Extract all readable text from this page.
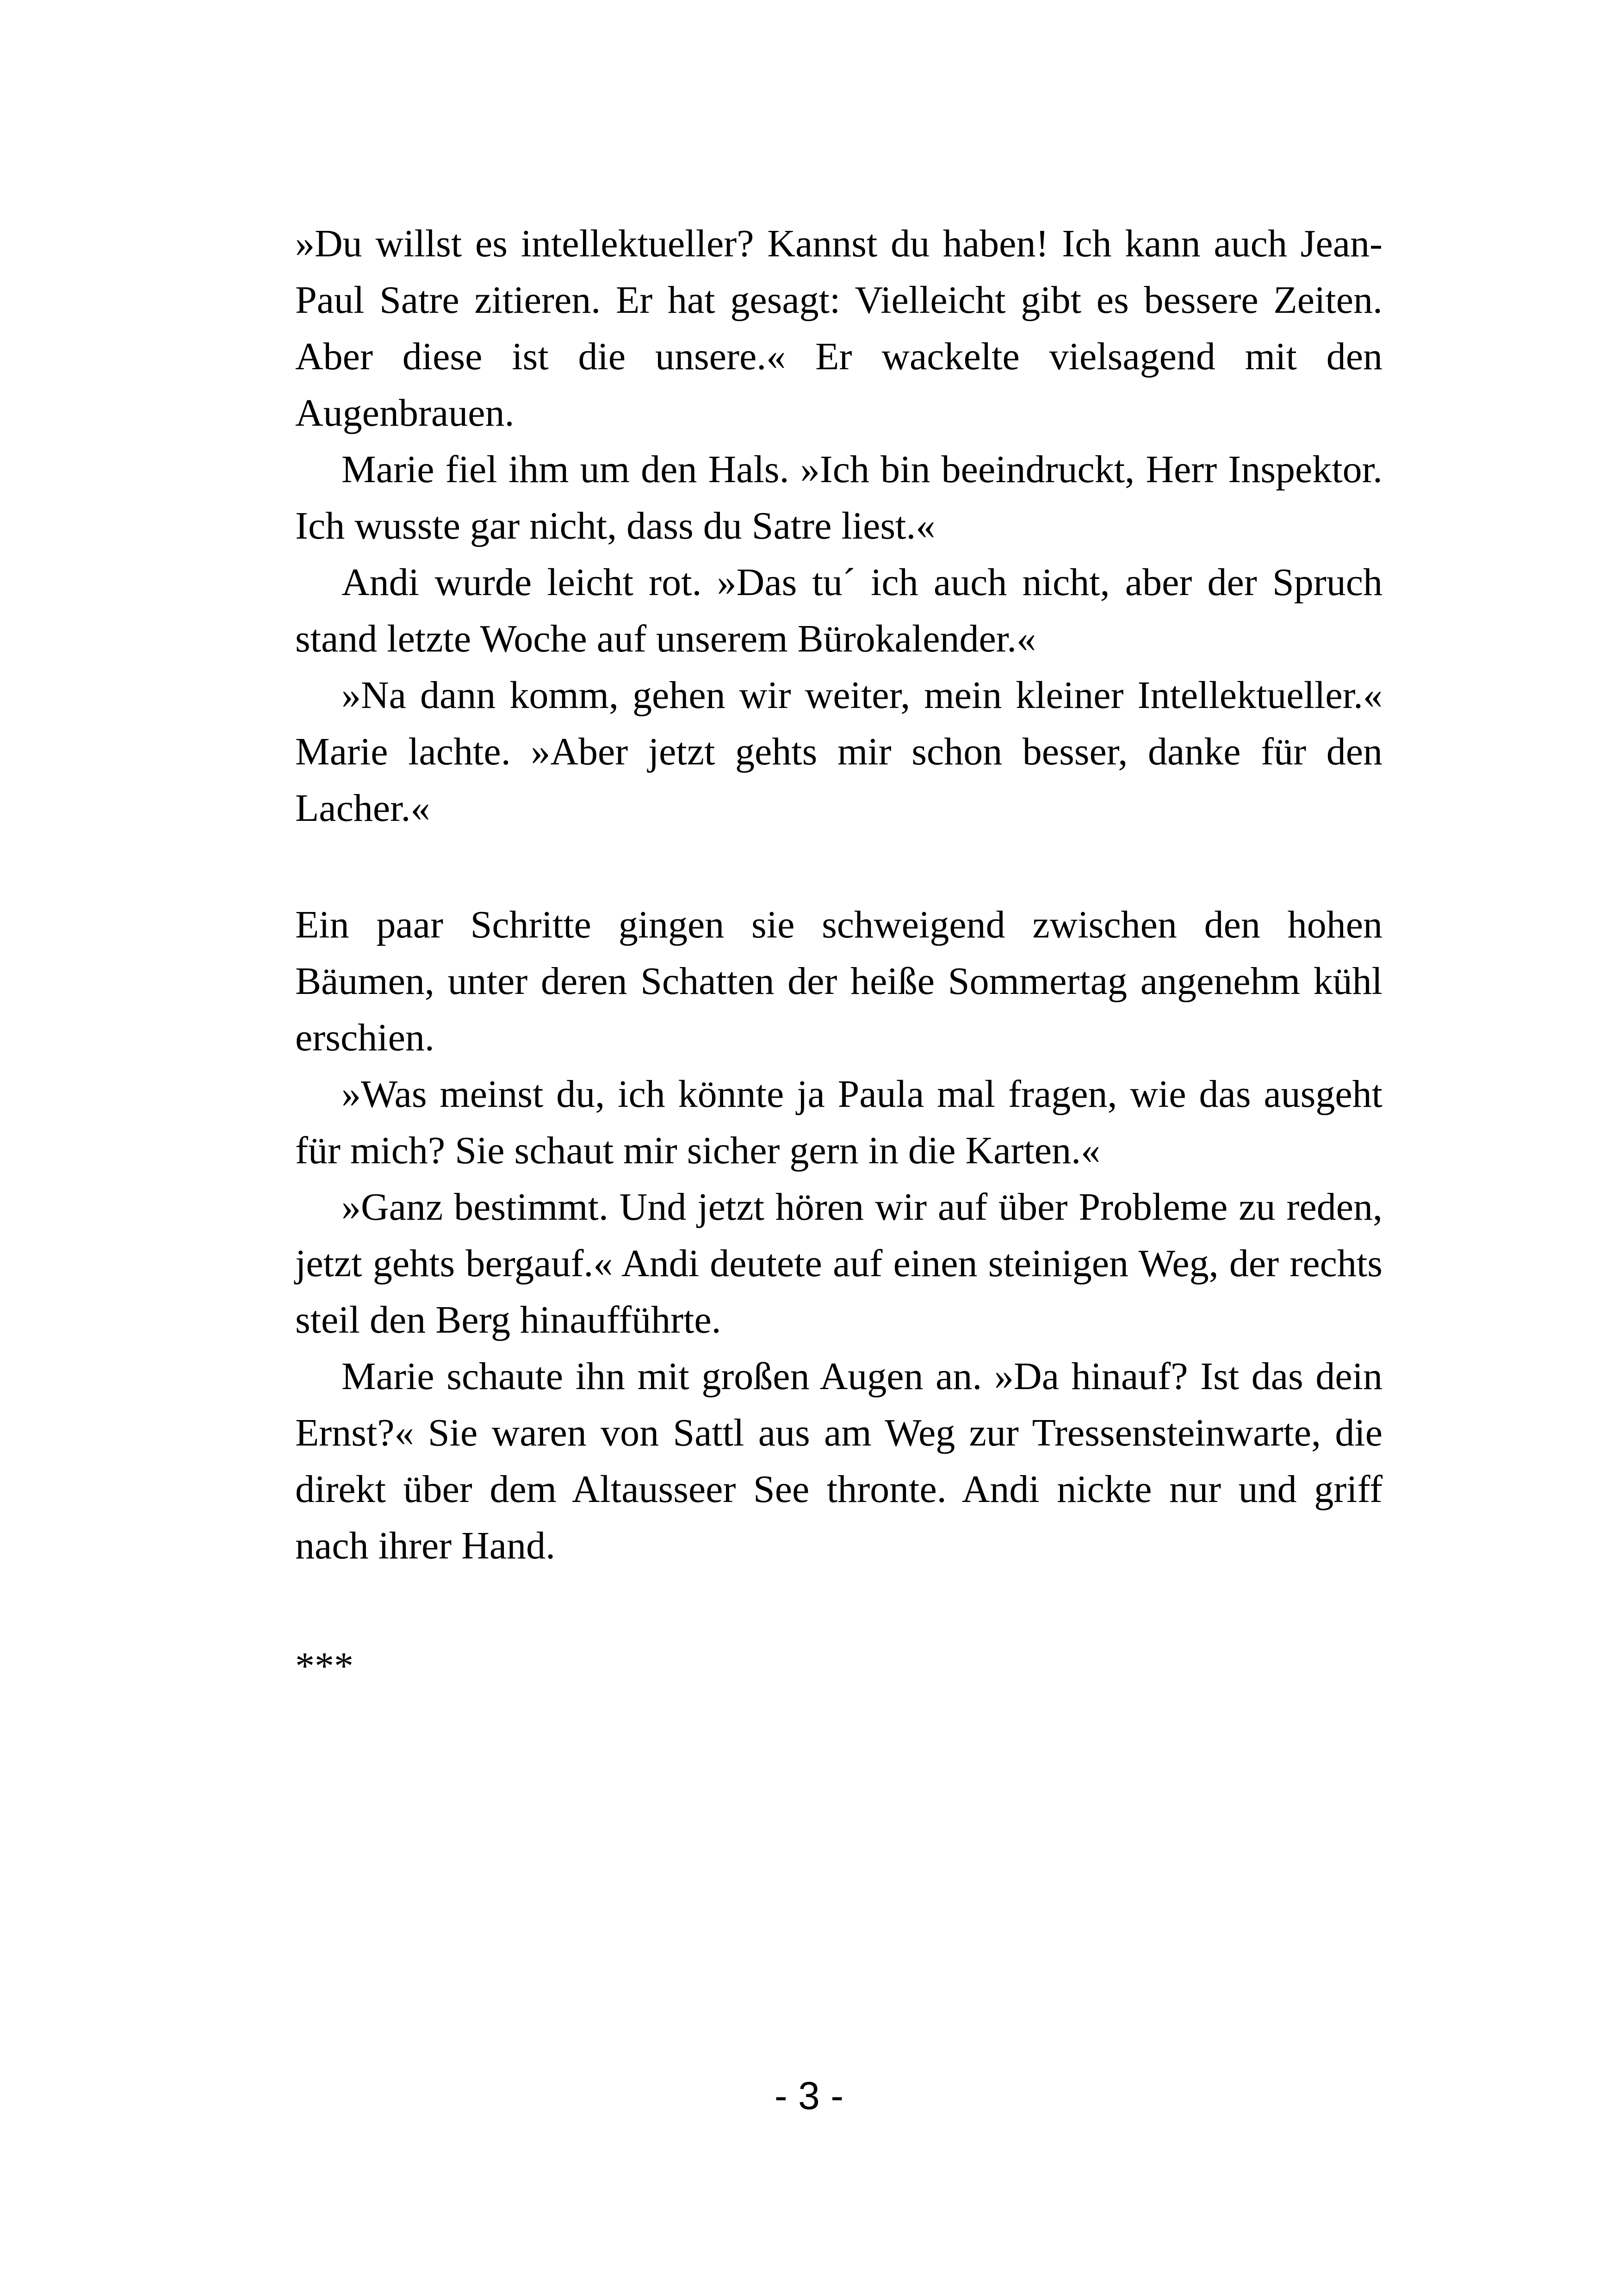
»Du willst es intellektueller? Kannst du haben! Ich kann auch Jean-Paul Satre zitieren. Er hat gesagt: Vielleicht gibt es bessere Zeiten. Aber diese ist die unsere.« Er wackelte vielsagend mit den Augenbrauen.

Marie fiel ihm um den Hals. »Ich bin beeindruckt, Herr Inspektor. Ich wusste gar nicht, dass du Satre liest.«

Andi wurde leicht rot. »Das tu´ ich auch nicht, aber der Spruch stand letzte Woche auf unserem Bürokalender.«

»Na dann komm, gehen wir weiter, mein kleiner Intellektueller.« Marie lachte. »Aber jetzt gehts mir schon besser, danke für den Lacher.«

Ein paar Schritte gingen sie schweigend zwischen den hohen Bäumen, unter deren Schatten der heiße Sommertag angenehm kühl erschien.

»Was meinst du, ich könnte ja Paula mal fragen, wie das ausgeht für mich? Sie schaut mir sicher gern in die Karten.«

»Ganz bestimmt. Und jetzt hören wir auf über Probleme zu reden, jetzt gehts bergauf.« Andi deutete auf einen steinigen Weg, der rechts steil den Berg hinaufführte.

Marie schaute ihn mit großen Augen an. »Da hinauf? Ist das dein Ernst?« Sie waren von Sattl aus am Weg zur Tressensteinwarte, die direkt über dem Altausseer See thronte. Andi nickte nur und griff nach ihrer Hand.

***
- 3 -
